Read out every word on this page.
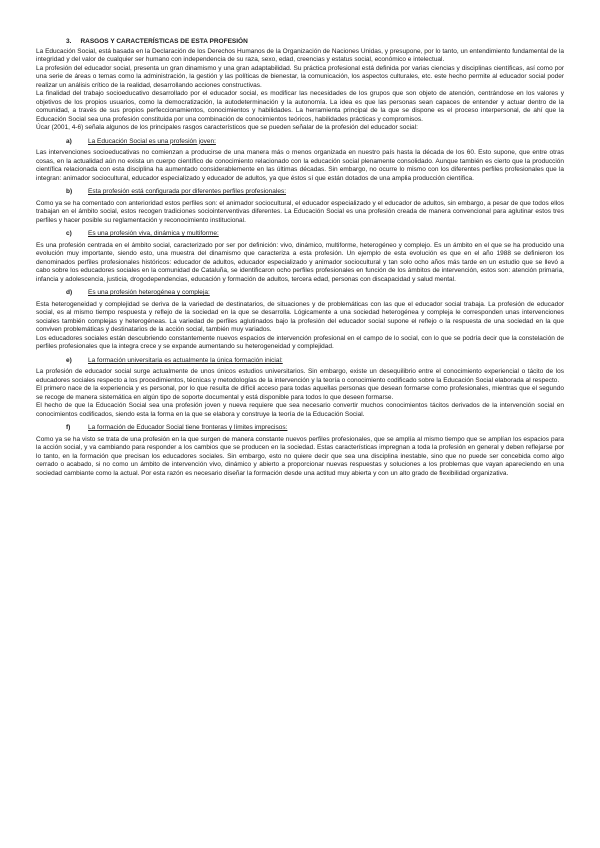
3. RASGOS Y CARACTERÍSTICAS DE ESTA PROFESIÓN

La Educación Social, está basada en la Declaración de los Derechos Humanos de la Organización de Naciones Unidas, y presupone, por lo tanto, un entendimiento fundamental de la integridad y del valor de cualquier ser humano con independencia de su raza, sexo, edad, creencias y estatus social, económico e intelectual.

La profesión del educador social, presenta un gran dinamismo y una gran adaptabilidad. Su práctica profesional está definida por varias ciencias y disciplinas científicas, así como por una serie de áreas o temas como la administración, la gestión y las políticas de bienestar, la comunicación, los aspectos culturales, etc. este hecho permite al educador social poder realizar un análisis crítico de la realidad, desarrollando acciones constructivas.

La finalidad del trabajo socioeducativo desarrollado por el educador social, es modificar las necesidades de los grupos que son objeto de atención, centrándose en los valores y objetivos de los propios usuarios, como la democratización, la autodeterminación y la autonomía. La idea es que las personas sean capaces de entender y actuar dentro de la comunidad, a través de sus propios perfeccionamientos, conocimientos y habilidades. La herramienta principal de la que se dispone es el proceso interpersonal, de ahí que la Educación Social sea una profesión constituida por una combinación de conocimientos teóricos, habilidades prácticas y compromisos.

Úcar (2001, 4-6) señala algunos de los principales rasgos característicos que se pueden señalar de la profesión del educador social:

a) La Educación Social es una profesión joven:

Las intervenciones socioeducativas no comienzan a producirse de una manera más o menos organizada en nuestro país hasta la década de los 60. Esto supone, que entre otras cosas, en la actualidad aún no exista un cuerpo científico de conocimiento relacionado con la educación social plenamente consolidado. Aunque también es cierto que la producción científica relacionada con esta disciplina ha aumentado considerablemente en las últimas décadas. Sin embargo, no ocurre lo mismo con los diferentes perfiles profesionales que la integran: animador sociocultural, educador especializado y educador de adultos, ya que éstos sí que están dotados de una amplia producción científica.

b) Esta profesión está configurada por diferentes perfiles profesionales:

Como ya se ha comentado con anterioridad estos perfiles son: el animador sociocultural, el educador especializado y el educador de adultos, sin embargo, a pesar de que todos ellos trabajan en el ámbito social, estos recogen tradiciones sociointerventivas diferentes. La Educación Social es una profesión creada de manera convencional para aglutinar estos tres perfiles y hacer posible su reglamentación y reconocimiento institucional.

c) Es una profesión viva, dinámica y multiforme:

Es una profesión centrada en el ámbito social, caracterizado por ser por definición: vivo, dinámico, multiforme, heterogéneo y complejo. Es un ámbito en el que se ha producido una evolución muy importante, siendo esto, una muestra del dinamismo que caracteriza a esta profesión. Un ejemplo de esta evolución es que en el año 1988 se definieron los denominados perfiles profesionales históricos: educador de adultos, educador especializado y animador sociocultural y tan solo ocho años más tarde en un estudio que se llevó a cabo sobre los educadores sociales en la comunidad de Cataluña, se identificaron ocho perfiles profesionales en función de los ámbitos de intervención, estos son: atención primaria, infancia y adolescencia, justicia, drogodependencias, educación y formación de adultos, tercera edad, personas con discapacidad y salud mental.

d) Es una profesión heterogénea y compleja:

Esta heterogeneidad y complejidad se deriva de la variedad de destinatarios, de situaciones y de problemáticas con las que el educador social trabaja. La profesión de educador social, es al mismo tiempo respuesta y reflejo de la sociedad en la que se desarrolla. Lógicamente a una sociedad heterogénea y compleja le corresponden unas intervenciones sociales también complejas y heterogéneas. La variedad de perfiles aglutinados bajo la profesión del educador social supone el reflejo o la respuesta de una sociedad en la que conviven problemáticas y destinatarios de la acción social, también muy variados.

Los educadores sociales están descubriendo constantemente nuevos espacios de intervención profesional en el campo de lo social, con lo que se podría decir que la constelación de perfiles profesionales que la integra crece y se expande aumentando su heterogeneidad y complejidad.

e) La formación universitaria es actualmente la única formación inicial:

La profesión de educador social surge actualmente de unos únicos estudios universitarios. Sin embargo, existe un desequilibrio entre el conocimiento experiencial o tácito de los educadores sociales respecto a los procedimientos, técnicas y metodologías de la intervención y la teoría o conocimiento codificado sobre la Educación Social elaborada al respecto.

El primero nace de la experiencia y es personal, por lo que resulta de difícil acceso para todas aquellas personas que desean formarse como profesionales, mientras que el segundo se recoge de manera sistemática en algún tipo de soporte documental y está disponible para todos lo que deseen formarse.

El hecho de que la Educación Social sea una profesión joven y nueva requiere que sea necesario convertir muchos conocimientos tácitos derivados de la intervención social en conocimientos codificados, siendo esta la forma en la que se elabora y construye la teoría de la Educación Social.

f)	La formación de Educador Social tiene fronteras y límites imprecisos:

Como ya se ha visto se trata de una profesión en la que surgen de manera constante nuevos perfiles profesionales, que se amplía al mismo tiempo que se amplían los espacios para la acción social, y va cambiando para responder a los cambios que se producen en la sociedad. Estas características impregnan a toda la profesión en general y deben reflejarse por lo tanto, en la formación que precisan los educadores sociales. Sin embargo, esto no quiere decir que sea una disciplina inestable, sino que no puede ser concebida como algo cerrado o acabado, si no como un ámbito de intervención vivo, dinámico y abierto a proporcionar nuevas respuestas y soluciones a los problemas que vayan apareciendo en una sociedad cambiante como la actual. Por esta razón es necesario diseñar la formación desde una actitud muy abierta y con un alto grado de flexibilidad organizativa.
